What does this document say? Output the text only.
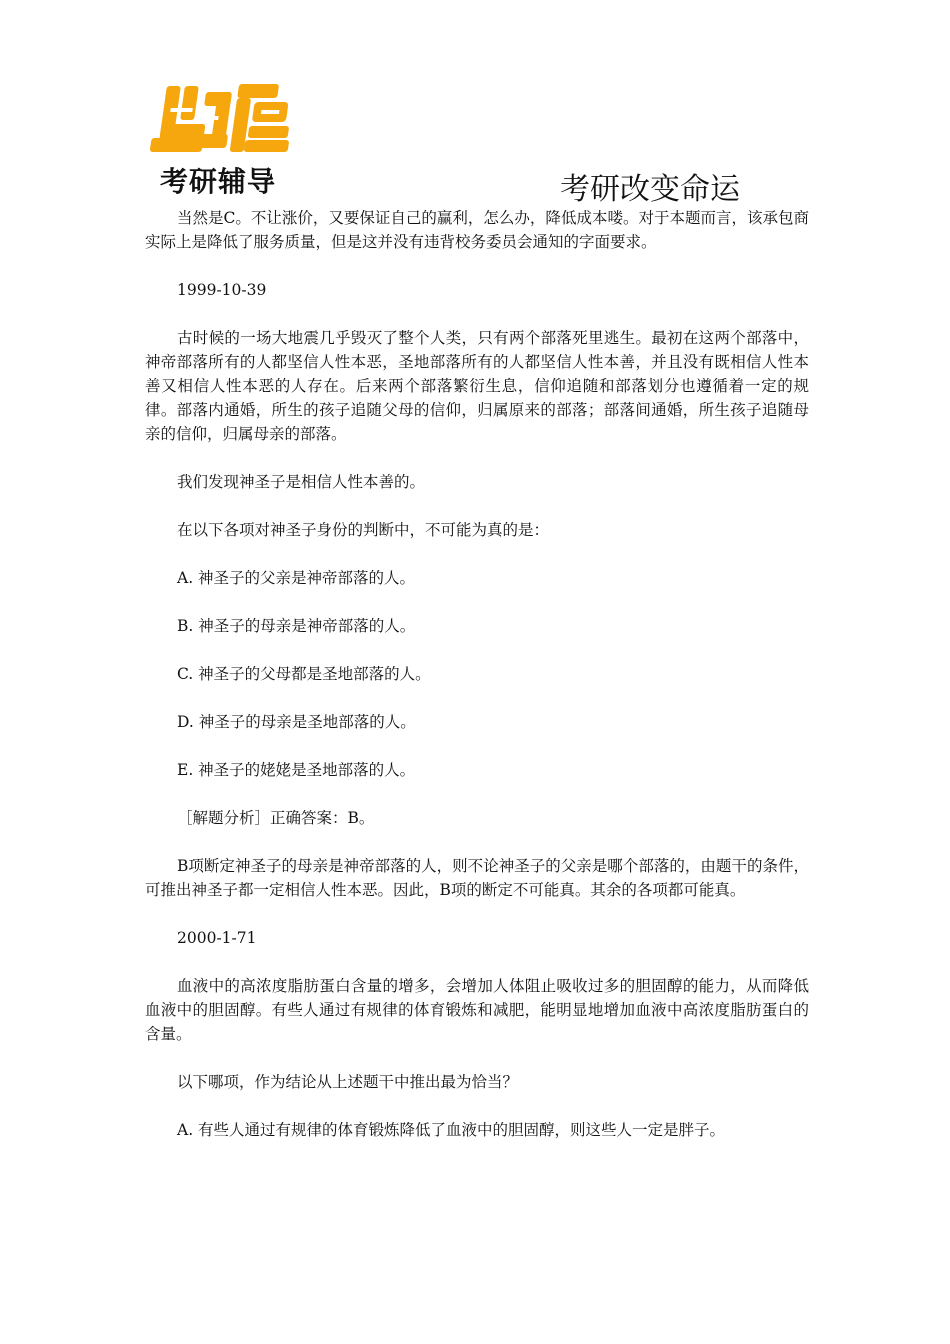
考研辅导	考研改变命运

当然是C。不让涨价，又要保证自己的赢利，怎么办，降低成本喽。对于本题而言，该承包商实际上是降低了服务质量，但是这并没有违背校务委员会通知的字面要求。

1999-10-39

古时候的一场大地震几乎毁灭了整个人类，只有两个部落死里逃生。最初在这两个部落中，神帝部落所有的人都坚信人性本恶，圣地部落所有的人都坚信人性本善，并且没有既相信人性本善又相信人性本恶的人存在。后来两个部落繁衍生息，信仰追随和部落划分也遵循着一定的规律。部落内通婚，所生的孩子追随父母的信仰，归属原来的部落；部落间通婚，所生孩子追随母亲的信仰，归属母亲的部落。

我们发现神圣子是相信人性本善的。

在以下各项对神圣子身份的判断中，不可能为真的是：

A. 神圣子的父亲是神帝部落的人。

B. 神圣子的母亲是神帝部落的人。

C. 神圣子的父母都是圣地部落的人。

D. 神圣子的母亲是圣地部落的人。

E. 神圣子的姥姥是圣地部落的人。

［解题分析］正确答案：B。

B项断定神圣子的母亲是神帝部落的人，则不论神圣子的父亲是哪个部落的，由题干的条件，可推出神圣子都一定相信人性本恶。因此，B项的断定不可能真。其余的各项都可能真。

2000-1-71

血液中的高浓度脂肪蛋白含量的增多，会增加人体阻止吸收过多的胆固醇的能力，从而降低血液中的胆固醇。有些人通过有规律的体育锻炼和减肥，能明显地增加血液中高浓度脂肪蛋白的含量。

以下哪项，作为结论从上述题干中推出最为恰当？

A. 有些人通过有规律的体育锻炼降低了血液中的胆固醇，则这些人一定是胖子。
